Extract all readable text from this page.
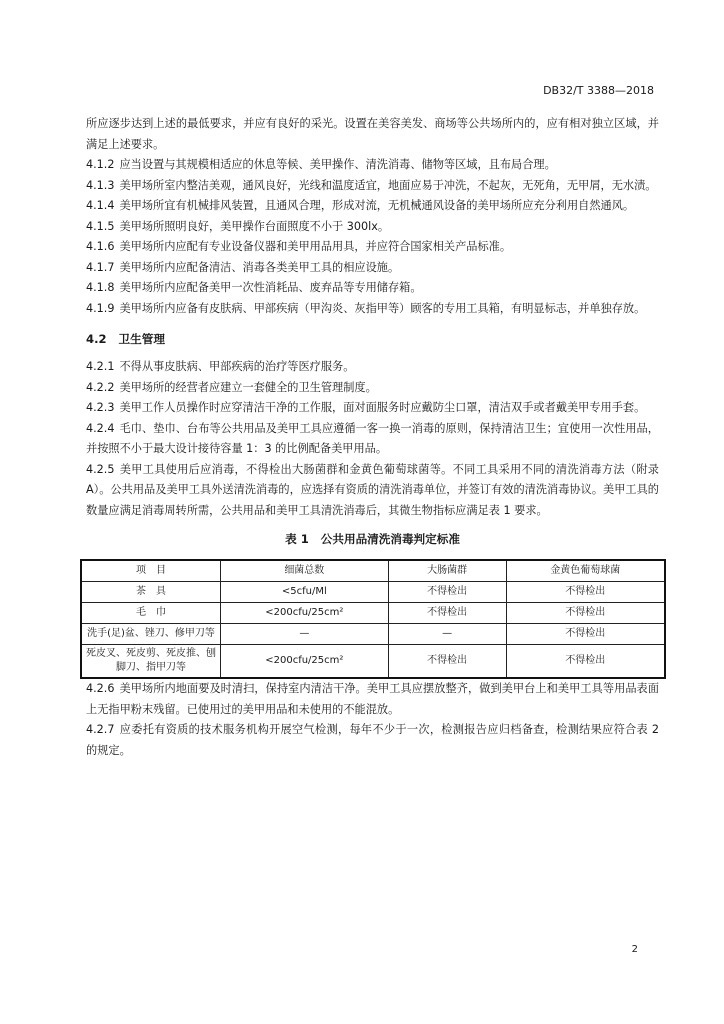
DB32/T 3388—2018

所应逐步达到上述的最低要求，并应有良好的采光。设置在美容美发、商场等公共场所内的，应有相对独立区域，并满足上述要求。

4.1.2 应当设置与其规模相适应的休息等候、美甲操作、清洗消毒、储物等区域，且布局合理。

4.1.3 美甲场所室内整洁美观，通风良好，光线和温度适宜，地面应易于冲洗，不起灰，无死角，无甲屑，无水渍。

4.1.4 美甲场所宜有机械排风装置，且通风合理，形成对流，无机械通风设备的美甲场所应充分利用自然通风。

4.1.5 美甲场所照明良好，美甲操作台面照度不小于 300lx。

4.1.6 美甲场所内应配有专业设备仪器和美甲用品用具，并应符合国家相关产品标准。

4.1.7 美甲场所内应配备清洁、消毒各类美甲工具的相应设施。

4.1.8 美甲场所内应配备美甲一次性消耗品、废弃品等专用储存箱。

4.1.9 美甲场所内应备有皮肤病、甲部疾病（甲沟炎、灰指甲等）顾客的专用工具箱，有明显标志，并单独存放。

4.2 卫生管理

4.2.1 不得从事皮肤病、甲部疾病的治疗等医疗服务。

4.2.2 美甲场所的经营者应建立一套健全的卫生管理制度。

4.2.3 美甲工作人员操作时应穿清洁干净的工作服，面对面服务时应戴防尘口罩，清洁双手或者戴美甲专用手套。

4.2.4 毛巾、垫巾、台布等公共用品及美甲工具应遵循一客一换一消毒的原则，保持清洁卫生；宜使用一次性用品，并按照不小于最大设计接待容量 1：3 的比例配备美甲用品。

4.2.5 美甲工具使用后应消毒，不得检出大肠菌群和金黄色葡萄球菌等。不同工具采用不同的清洗消毒方法（附录 A）。公共用品及美甲工具外送清洗消毒的，应选择有资质的清洗消毒单位，并签订有效的清洗消毒协议。美甲工具的数量应满足消毒周转所需，公共用品和美甲工具清洗消毒后，其微生物指标应满足表 1 要求。

表 1 公共用品清洗消毒判定标准
项　目	细菌总数	大肠菌群	金黄色葡萄球菌
茶　具	<5cfu/Ml	不得检出	不得检出
毛　巾	<200cfu/25cm²	不得检出	不得检出
洗手(足)盆、锉刀、修甲刀等	—	—	不得检出
死皮叉、死皮剪、死皮推、刨脚刀、指甲刀等	<200cfu/25cm²	不得检出	不得检出

4.2.6 美甲场所内地面要及时清扫，保持室内清洁干净。美甲工具应摆放整齐，做到美甲台上和美甲工具等用品表面上无指甲粉末残留。已使用过的美甲用品和未使用的不能混放。

4.2.7 应委托有资质的技术服务机构开展空气检测，每年不少于一次，检测报告应归档备查，检测结果应符合表 2 的规定。

2
